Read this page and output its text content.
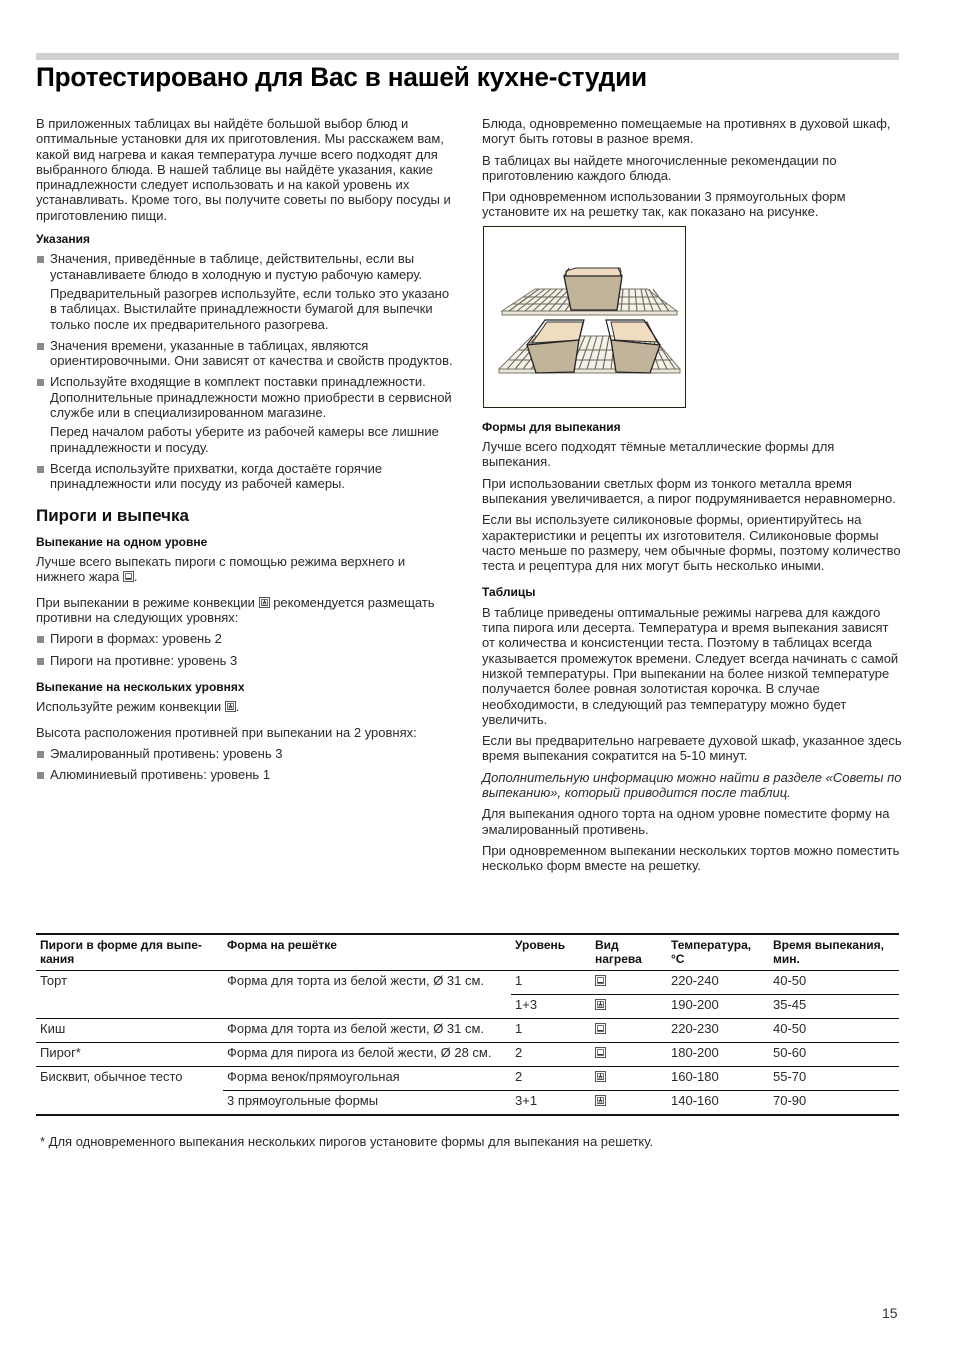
Протестировано для Вас в нашей кухне-студии

В приложенных таблицах вы найдёте большой выбор блюд и оптимальные установки для их приготовления. Мы расскажем вам, какой вид нагрева и какая температура лучше всего подходят для выбранного блюда. В нашей таблице вы найдёте указания, какие принадлежности следует использовать и на какой уровень их устанавливать. Кроме того, вы получите советы по выбору посуды и приготовлению пищи.

Указания

Значения, приведённые в таблице, действительны, если вы устанавливаете блюдо в холодную и пустую рабочую камеру.

Предварительный разогрев используйте, если только это указано в таблицах. Выстилайте принадлежности бумагой для выпечки только после их предварительного разогрева.

Значения времени, указанные в таблицах, являются ориентировочными. Они зависят от качества и свойств продуктов.

Используйте входящие в комплект поставки принадлежности. Дополнительные принадлежности можно приобрести в сервисной службе или в специализированном магазине.

Перед началом работы уберите из рабочей камеры все лишние принадлежности и посуду.

Всегда используйте прихватки, когда достаёте горячие принадлежности или посуду из рабочей камеры.

Пироги и выпечка
Выпекание на одном уровне

Лучше всего выпекать пироги с помощью режима верхнего и нижнего жара .

При выпекании в режиме конвекции рекомендуется размещать противни на следующих уровнях:

Пироги в формах: уровень 2
Пироги на противне: уровень 3
Выпекание на нескольких уровнях

Используйте режим конвекции .

Высота расположения противней при выпекании на 2 уровнях:

Эмалированный противень: уровень 3
Алюминиевый противень: уровень 1

Блюда, одновременно помещаемые на противнях в духовой шкаф, могут быть готовы в разное время.

В таблицах вы найдете многочисленные рекомендации по приготовлению каждого блюда.

При одновременном использовании 3 прямоугольных форм установите их на решетку так, как показано на рисунке.

Формы для выпекания

Лучше всего подходят тёмные металлические формы для выпекания.

При использовании светлых форм из тонкого металла время выпекания увеличивается, а пирог подрумянивается неравномерно.

Если вы используете силиконовые формы, ориентируйтесь на характеристики и рецепты их изготовителя. Силиконовые формы часто меньше по размеру, чем обычные формы, поэтому количество теста и рецептура для них могут быть несколько иными.

Таблицы

В таблице приведены оптимальные режимы нагрева для каждого типа пирога или десерта. Температура и время выпекания зависят от количества и консистенции теста. Поэтому в таблицах всегда указывается промежуток времени. Следует всегда начинать с самой низкой температуры. При выпекании на более низкой температуре получается более ровная золотистая корочка. В случае необходимости, в следующий раз температуру можно будет увеличить.

Если вы предварительно нагреваете духовой шкаф, указанное здесь время выпекания сократится на 5-10 минут.

Дополнительную информацию можно найти в разделе «Советы по выпеканию», который приводится после таблиц.

Для выпекания одного торта на одном уровне поместите форму на эмалированный противень.

При одновременном выпекании нескольких тортов можно поместить несколько форм вместе на решетку.

Пироги в форме для выпе-кания	Форма на решётке	Уровень	Вид нагрева	Температура, °C	Время выпекания, мин.
Торт	Форма для торта из белой жести, Ø 31 см.	1		220-240	40-50
		1+3		190-200	35-45
Киш	Форма для торта из белой жести, Ø 31 см.	1		220-230	40-50
Пирог*	Форма для пирога из белой жести, Ø 28 см.	2		180-200	50-60
Бисквит, обычное тесто	Форма венок/прямоугольная	2		160-180	55-70
	3 прямоугольные формы	3+1		140-160	70-90
* Для одновременного выпекания нескольких пирогов установите формы для выпекания на решетку.
15
